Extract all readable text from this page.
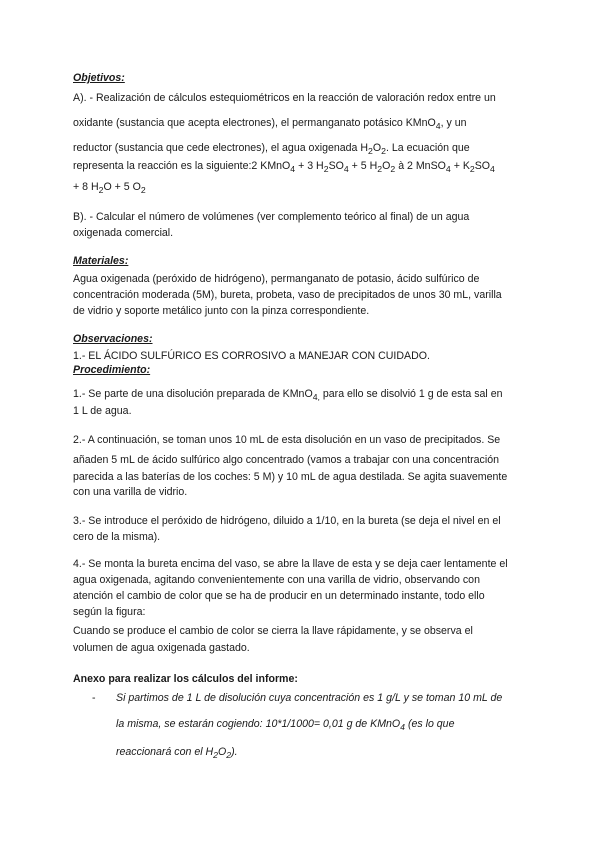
Objetivos:
A). - Realización de cálculos estequiométricos en la reacción de valoración redox entre un
oxidante (sustancia que acepta electrones), el permanganato potásico KMnO$_4$, y un
reductor (sustancia que cede electrones), el agua oxigenada $H_2O_2$. La ecuación que
representa la reacción es la siguiente:2 KMnO$_4$ + 3 $H_2SO_4 + 5$ $H_2O_2$ à 2 MnSO$_4$ + $K_2SO_4$
+ 8 $H_2O + 5$ $O_2$
B). - Calcular el número de volúmenes (ver complemento teórico al final) de un agua
oxigenada comercial.
Materiales:
Agua oxigenada (peróxido de hidrógeno), permanganato de potasio, ácido sulfúrico de
concentración moderada (5M), bureta, probeta, vaso de precipitados de unos 30 mL, varilla
de vidrio y soporte metálico junto con la pinza correspondiente.
Observaciones:
1.- EL ÁCIDO SULFÚRICO ES CORROSIVO a MANEJAR CON CUIDADO.
Procedimiento:
1.- Se parte de una disolución preparada de KMnO$_{4,}$ para ello se disolvió 1 g de esta sal en
1 L de agua.
2.- A continuación, se toman unos 10 mL de esta disolución en un vaso de precipitados. Se
añaden 5 mL de ácido sulfúrico algo concentrado (vamos a trabajar con una concentración
parecida a las baterías de los coches: 5 M) y 10 mL de agua destilada. Se agita suavemente
con una varilla de vidrio.
3.- Se introduce el peróxido de hidrógeno, diluido a 1/10, en la bureta (se deja el nivel en el
cero de la misma).
4.- Se monta la bureta encima del vaso, se abre la llave de esta y se deja caer lentamente el
agua oxigenada, agitando convenientemente con una varilla de vidrio, observando con
atención el cambio de color que se ha de producir en un determinado instante, todo ello
según la figura:
Cuando se produce el cambio de color se cierra la llave rápidamente, y se observa el
volumen de agua oxigenada gastado.
Anexo para realizar los cálculos del informe:
- Si partimos de 1 L de disolución cuya concentración es 1 g/L y se toman 10 mL de
la misma, se estarán cogiendo: 10*1/1000= 0,01 g de KMnO$_4$ (es lo que
reaccionará con el $H_2O_2$).
